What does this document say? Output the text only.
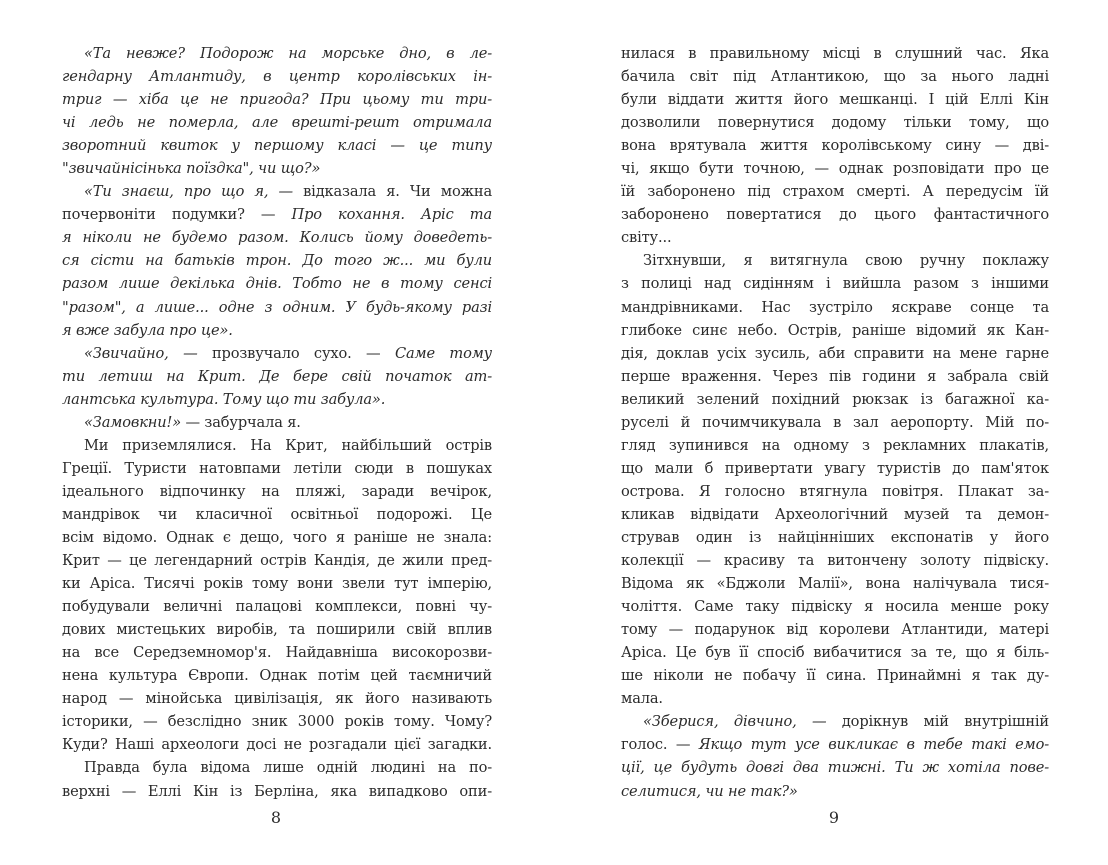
«Та невже? Подорож на морське дно, в ле-
гендарну Атлантиду, в центр королівських ін-
триг — хіба це не пригода? При цьому ти три-
чі ледь не померла, але врешті-решт отримала
зворотний квиток у першому класі — це типу
"звичайнісінька поїздка", чи що?»
«Ти знаєш, про що я, — відказала я. Чи можна
почервоніти подумки? — Про кохання. Аріс та
я ніколи не будемо разом. Колись йому доведеть-
ся сісти на батьків трон. До того ж... ми були
разом лише декілька днів. Тобто не в тому сенсі
"разом", а лише... одне з одним. У будь-якому разі
я вже забула про це».
«Звичайно, — прозвучало сухо. — Саме тому
ти летиш на Крит. Де бере свій початок ат-
лантська культура. Тому що ти забула».
«Замовкни!» — забурчала я.
Ми приземлялися. На Крит, найбільший острів
Греції. Туристи натовпами летіли сюди в пошуках
ідеального відпочинку на пляжі, заради вечірок,
мандрівок чи класичної освітньої подорожі. Це
всім відомо. Однак є дещо, чого я раніше не знала:
Крит — це легендарний острів Кандія, де жили пред-
ки Аріса. Тисячі років тому вони звели тут імперію,
побудували величні палацові комплекси, повні чу-
дових мистецьких виробів, та поширили свій вплив
на все Середземномор'я. Найдавніша високорозви-
нена культура Європи. Однак потім цей таємничий
народ — мінойська цивілізація, як його називають
історики, — безслідно зник 3000 років тому. Чому?
Куди? Наші археологи досі не розгадали цієї загадки.
Правда була відома лише одній людині на по-
верхні — Еллі Кін із Берліна, яка випадково опи-
8
нилася в правильному місці в слушний час. Яка
бачила світ під Атлантикою, що за нього ладні
були віддати життя його мешканці. І цій Еллі Кін
дозволили повернутися додому тільки тому, що
вона врятувала життя королівському сину — дві-
чі, якщо бути точною, — однак розповідати про це
їй заборонено під страхом смерті. А передусім їй
заборонено повертатися до цього фантастичного
світу...
Зітхнувши, я витягнула свою ручну поклажу
з полиці над сидінням і вийшла разом з іншими
мандрівниками. Нас зустріло яскраве сонце та
глибоке синє небо. Острів, раніше відомий як Кан-
дія, доклав усіх зусиль, аби справити на мене гарне
перше враження. Через пів години я забрала свій
великий зелений похідний рюкзак із багажної ка-
руселі й почимчикувала в зал аеропорту. Мій по-
гляд зупинився на одному з рекламних плакатів,
що мали б привертати увагу туристів до пам'яток
острова. Я голосно втягнула повітря. Плакат за-
кликав відвідати Археологічний музей та демон-
стрував один із найцінніших експонатів у його
колекції — красиву та витончену золоту підвіску.
Відома як «Бджоли Малії», вона налічувала тися-
чоліття. Саме таку підвіску я носила менше року
тому — подарунок від королеви Атлантиди, матері
Аріса. Це був її спосіб вибачитися за те, що я біль-
ше ніколи не побачу її сина. Принаймні я так ду-
мала.
«Зберися, дівчино, — дорікнув мій внутрішній
голос. — Якщо тут усе викликає в тебе такі емо-
ції, це будуть довгі два тижні. Ти ж хотіла пове-
селитися, чи не так?»
9
